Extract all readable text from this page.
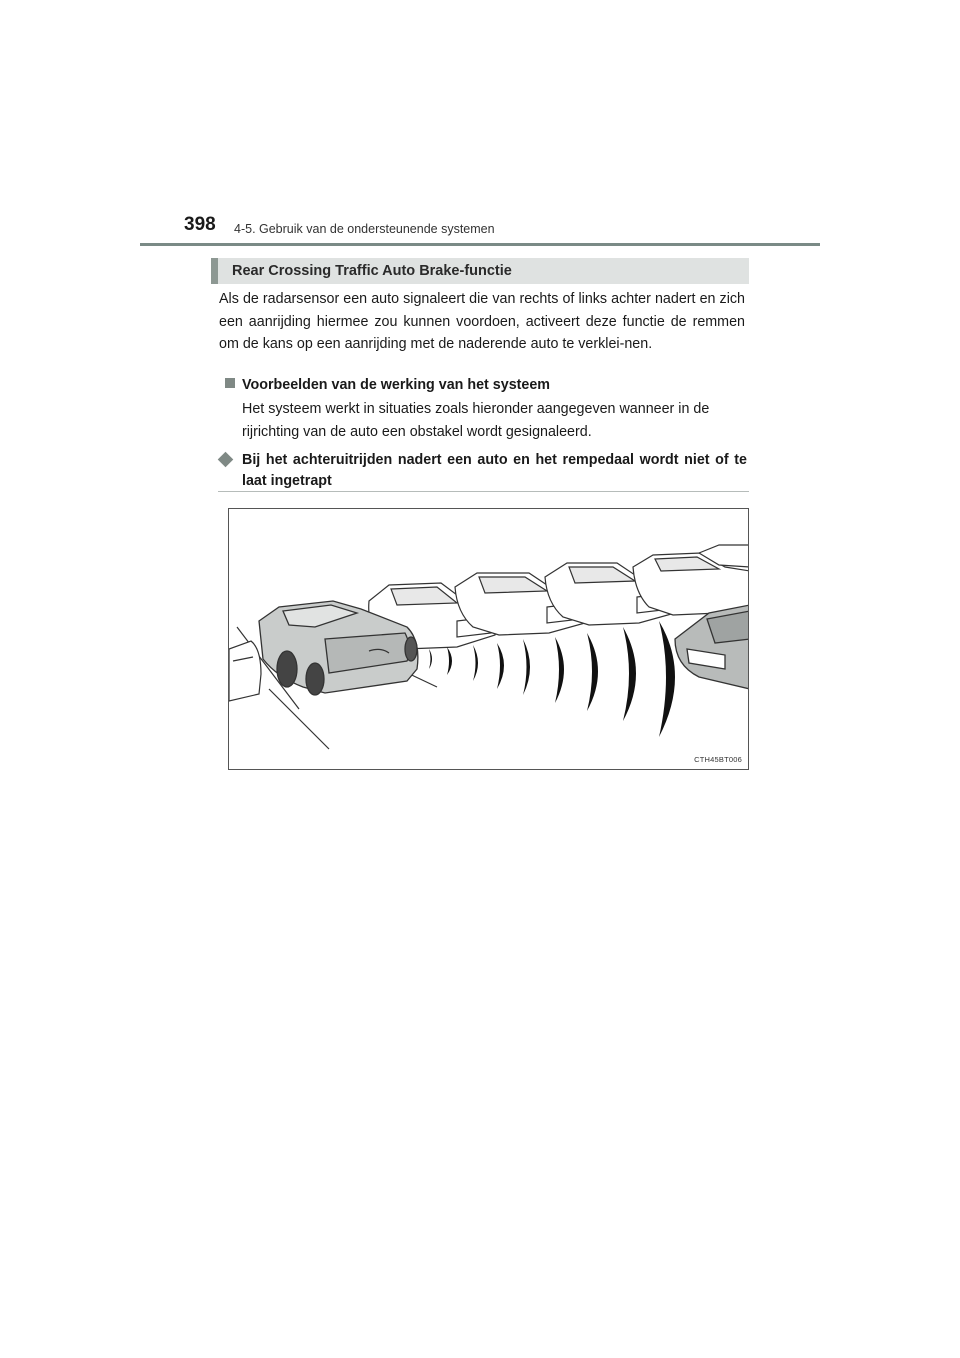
398 4-5. Gebruik van de ondersteunende systemen
Rear Crossing Traffic Auto Brake-functie

Als de radarsensor een auto signaleert die van rechts of links achter nadert en zich een aanrijding hiermee zou kunnen voordoen, activeert deze functie de remmen om de kans op een aanrijding met de naderende auto te verklei-nen.

Voorbeelden van de werking van het systeem

Het systeem werkt in situaties zoals hieronder aangegeven wanneer in de rijrichting van de auto een obstakel wordt gesignaleerd.

Bij het achteruitrijden nadert een auto en het rempedaal wordt niet of te laat ingetrapt
CTH45BT006
